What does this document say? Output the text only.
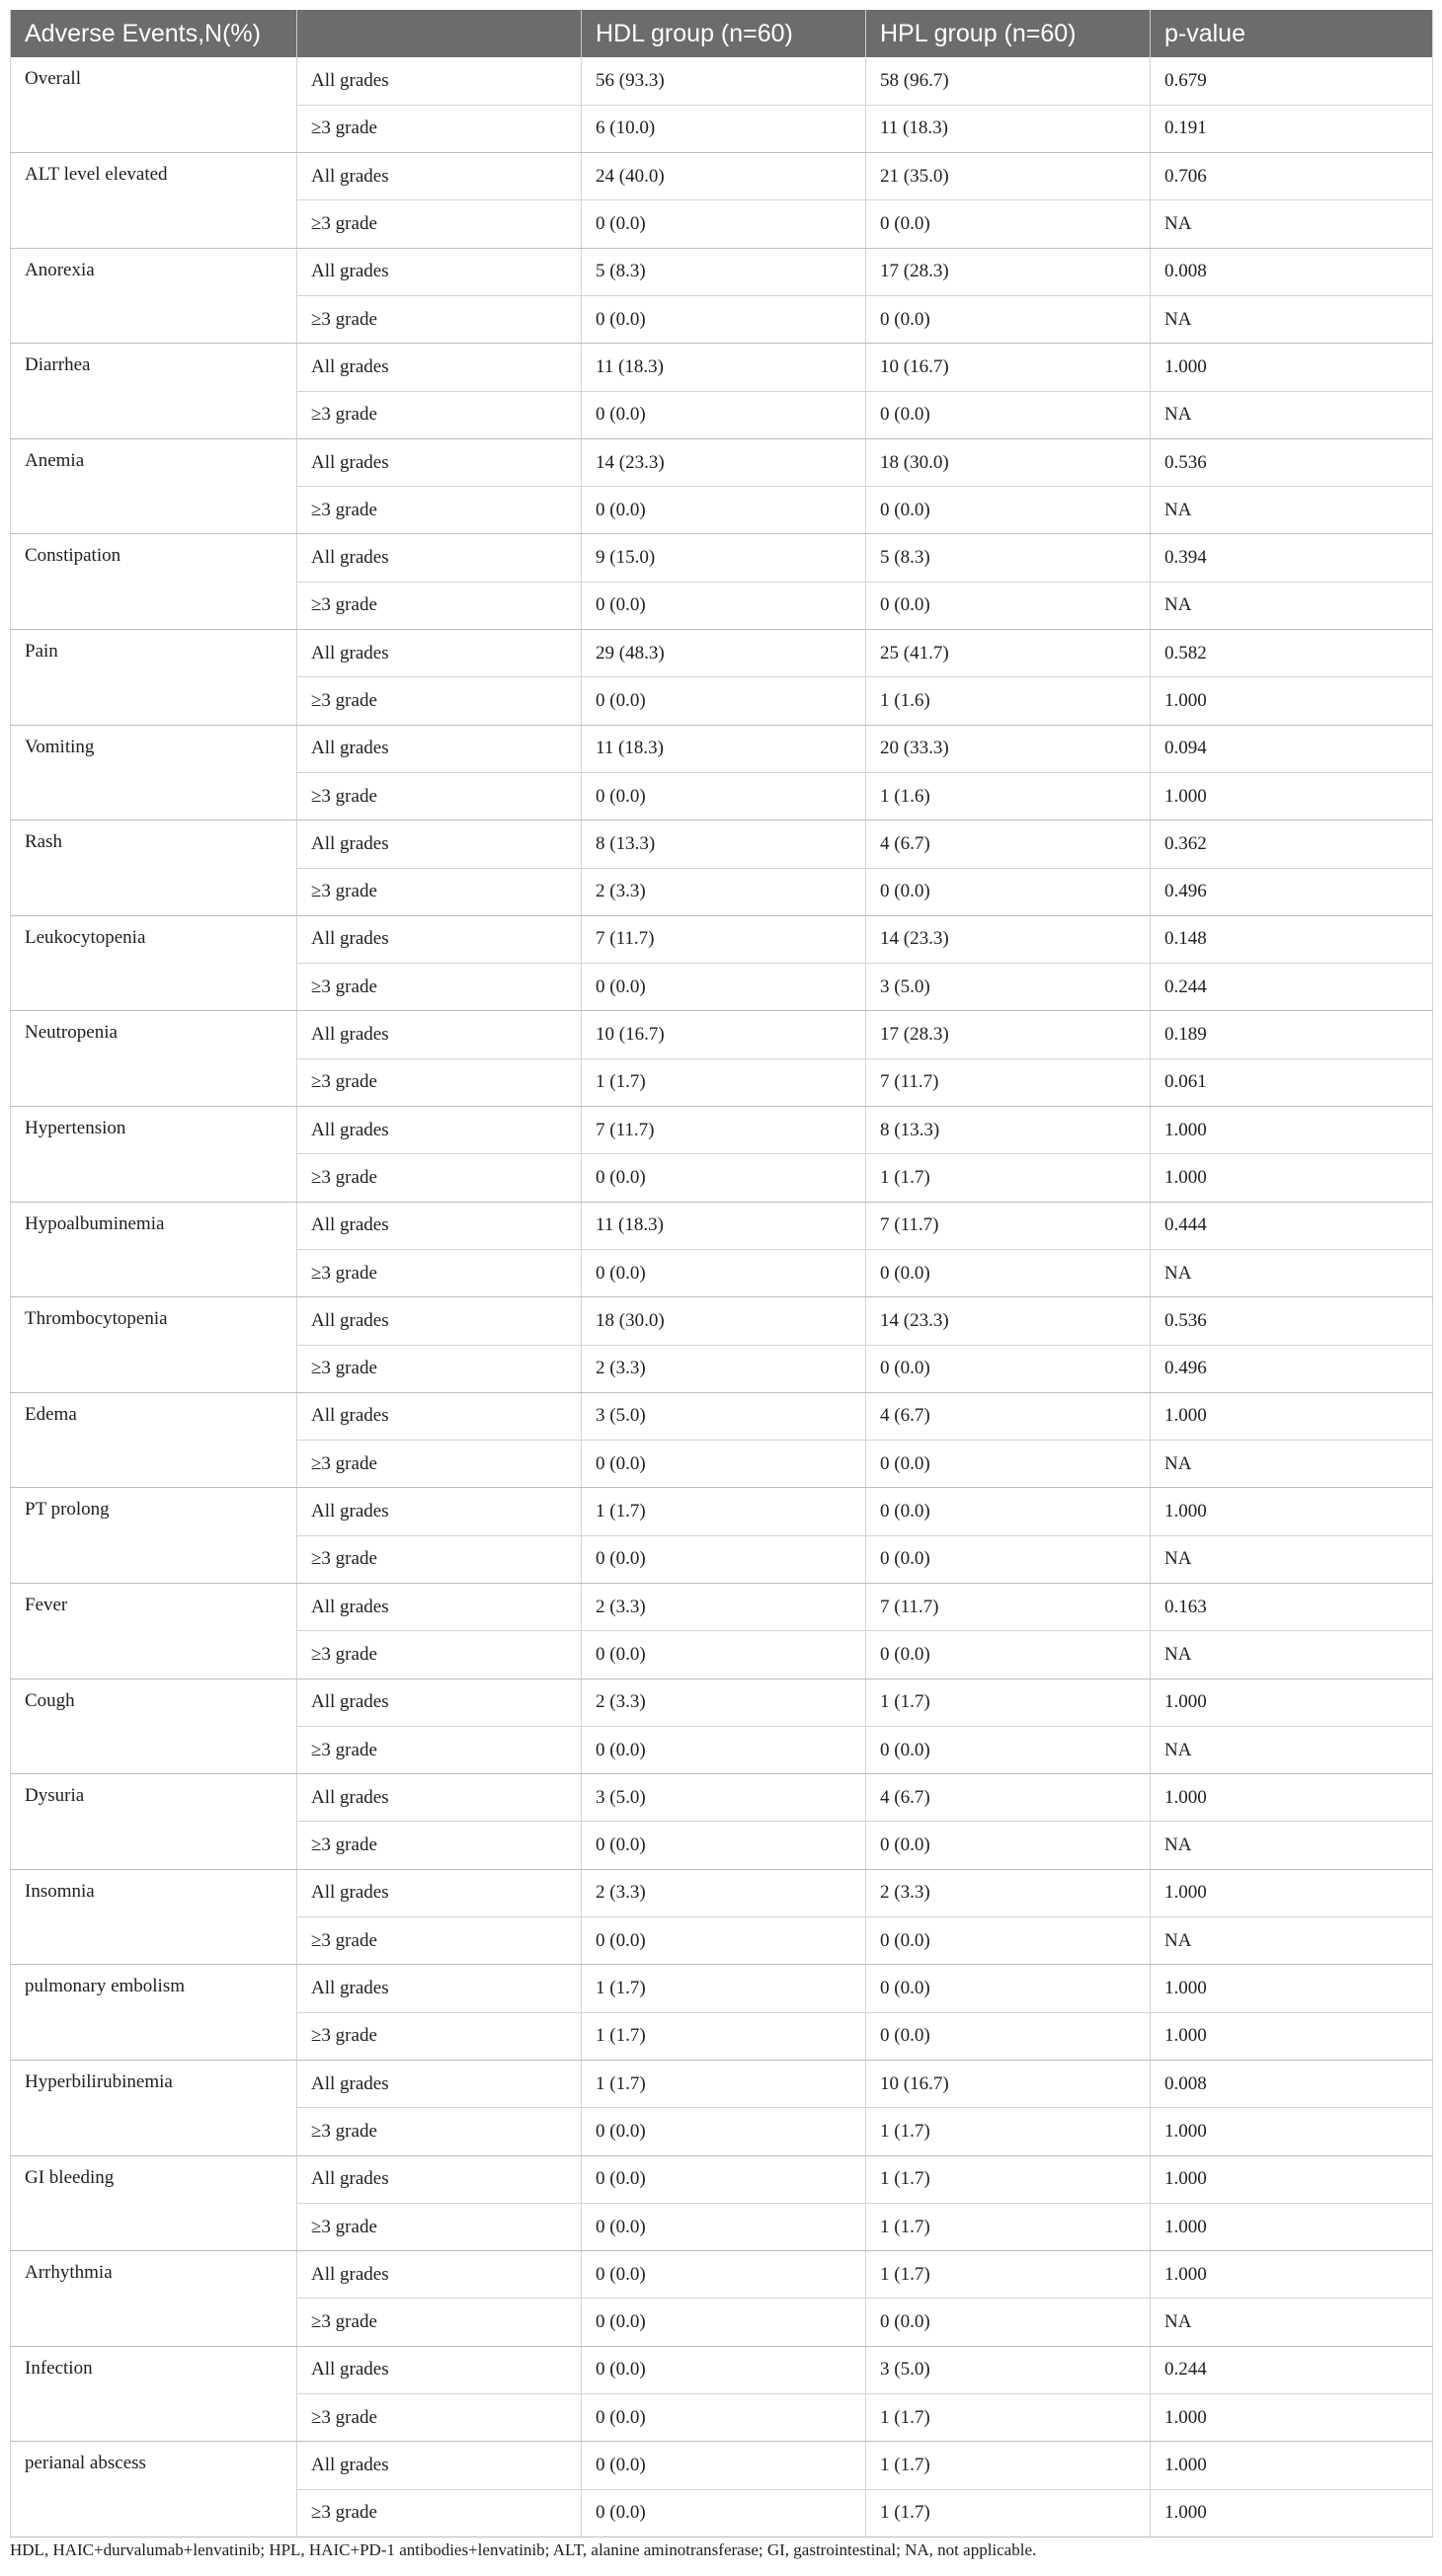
Adverse Events,N(%)		HDL group (n=60)	HPL group (n=60)	p-value
Overall	All grades	56 (93.3)	58 (96.7)	0.679
	≥3 grade	6 (10.0)	11 (18.3)	0.191
ALT level elevated	All grades	24 (40.0)	21 (35.0)	0.706
	≥3 grade	0 (0.0)	0 (0.0)	NA
Anorexia	All grades	5 (8.3)	17 (28.3)	0.008
	≥3 grade	0 (0.0)	0 (0.0)	NA
Diarrhea	All grades	11 (18.3)	10 (16.7)	1.000
	≥3 grade	0 (0.0)	0 (0.0)	NA
Anemia	All grades	14 (23.3)	18 (30.0)	0.536
	≥3 grade	0 (0.0)	0 (0.0)	NA
Constipation	All grades	9 (15.0)	5 (8.3)	0.394
	≥3 grade	0 (0.0)	0 (0.0)	NA
Pain	All grades	29 (48.3)	25 (41.7)	0.582
	≥3 grade	0 (0.0)	1 (1.6)	1.000
Vomiting	All grades	11 (18.3)	20 (33.3)	0.094
	≥3 grade	0 (0.0)	1 (1.6)	1.000
Rash	All grades	8 (13.3)	4 (6.7)	0.362
	≥3 grade	2 (3.3)	0 (0.0)	0.496
Leukocytopenia	All grades	7 (11.7)	14 (23.3)	0.148
	≥3 grade	0 (0.0)	3 (5.0)	0.244
Neutropenia	All grades	10 (16.7)	17 (28.3)	0.189
	≥3 grade	1 (1.7)	7 (11.7)	0.061
Hypertension	All grades	7 (11.7)	8 (13.3)	1.000
	≥3 grade	0 (0.0)	1 (1.7)	1.000
Hypoalbuminemia	All grades	11 (18.3)	7 (11.7)	0.444
	≥3 grade	0 (0.0)	0 (0.0)	NA
Thrombocytopenia	All grades	18 (30.0)	14 (23.3)	0.536
	≥3 grade	2 (3.3)	0 (0.0)	0.496
Edema	All grades	3 (5.0)	4 (6.7)	1.000
	≥3 grade	0 (0.0)	0 (0.0)	NA
PT prolong	All grades	1 (1.7)	0 (0.0)	1.000
	≥3 grade	0 (0.0)	0 (0.0)	NA
Fever	All grades	2 (3.3)	7 (11.7)	0.163
	≥3 grade	0 (0.0)	0 (0.0)	NA
Cough	All grades	2 (3.3)	1 (1.7)	1.000
	≥3 grade	0 (0.0)	0 (0.0)	NA
Dysuria	All grades	3 (5.0)	4 (6.7)	1.000
	≥3 grade	0 (0.0)	0 (0.0)	NA
Insomnia	All grades	2 (3.3)	2 (3.3)	1.000
	≥3 grade	0 (0.0)	0 (0.0)	NA
pulmonary embolism	All grades	1 (1.7)	0 (0.0)	1.000
	≥3 grade	1 (1.7)	0 (0.0)	1.000
Hyperbilirubinemia	All grades	1 (1.7)	10 (16.7)	0.008
	≥3 grade	0 (0.0)	1 (1.7)	1.000
GI bleeding	All grades	0 (0.0)	1 (1.7)	1.000
	≥3 grade	0 (0.0)	1 (1.7)	1.000
Arrhythmia	All grades	0 (0.0)	1 (1.7)	1.000
	≥3 grade	0 (0.0)	0 (0.0)	NA
Infection	All grades	0 (0.0)	3 (5.0)	0.244
	≥3 grade	0 (0.0)	1 (1.7)	1.000
perianal abscess	All grades	0 (0.0)	1 (1.7)	1.000
	≥3 grade	0 (0.0)	1 (1.7)	1.000
HDL, HAIC+durvalumab+lenvatinib; HPL, HAIC+PD-1 antibodies+lenvatinib; ALT, alanine aminotransferase; GI, gastrointestinal; NA, not applicable.
